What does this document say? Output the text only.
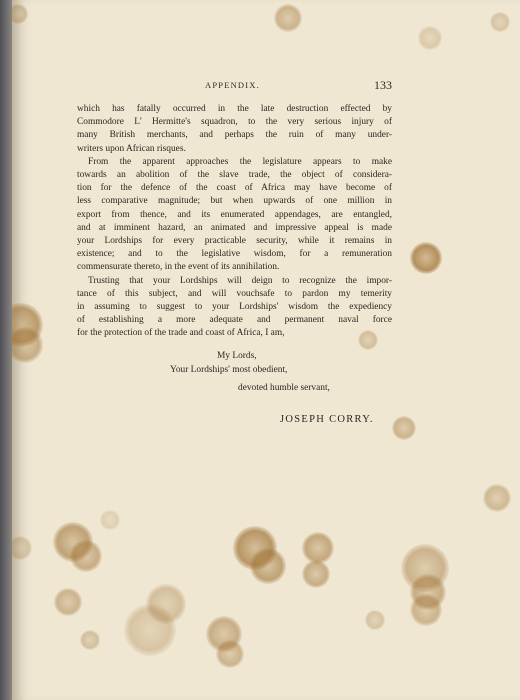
APPENDIX.	133
which has fatally occurred in the late destruction effected by
Commodore L' Hermitte's squadron, to the very serious injury of
many British merchants, and perhaps the ruin of many under-
writers upon African risques.
From the apparent approaches the legislature appears to make
towards an abolition of the slave trade, the object of considera-
tion for the defence of the coast of Africa may have become of
less comparative magnitude; but when upwards of one million in
export from thence, and its enumerated appendages, are entangled,
and at imminent hazard, an animated and impressive appeal is made
your Lordships for every practicable security, while it remains in
existence; and to the legislative wisdom, for a remuneration
commensurate thereto, in the event of its annihilation.
Trusting that your Lordships will deign to recognize the impor-
tance of this subject, and will vouchsafe to pardon my temerity
in assuming to suggest to your Lordships' wisdom the expediency
of establishing a more adequate and permanent naval force
for the protection of the trade and coast of Africa, I am,
My Lords,
Your Lordships' most obedient,
devoted humble servant,
JOSEPH CORRY.
